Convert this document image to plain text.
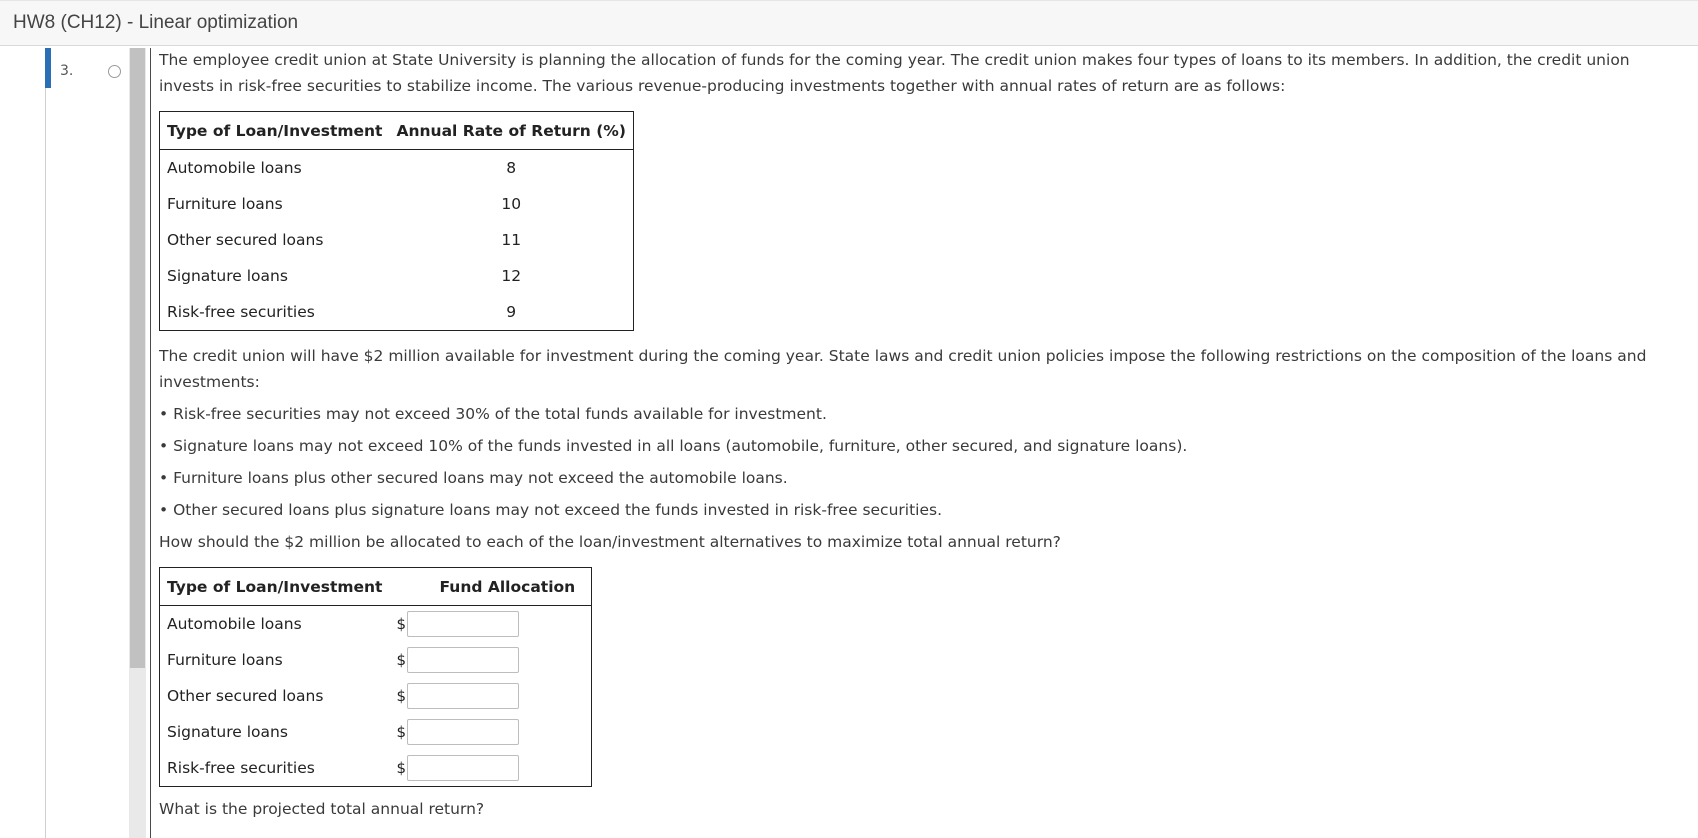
HW8 (CH12) - Linear optimization
3.

The employee credit union at State University is planning the allocation of funds for the coming year. The credit union makes four types of loans to its members. In addition, the credit union invests in risk-free securities to stabilize income. The various revenue-producing investments together with annual rates of return are as follows:

Type of Loan/Investment	Annual Rate of Return (%)
Automobile loans	8
Furniture loans	10
Other secured loans	11
Signature loans	12
Risk-free securities	9

The credit union will have $2 million available for investment during the coming year. State laws and credit union policies impose the following restrictions on the composition of the loans and investments:

• Risk-free securities may not exceed 30% of the total funds available for investment.

• Signature loans may not exceed 10% of the funds invested in all loans (automobile, furniture, other secured, and signature loans).

• Furniture loans plus other secured loans may not exceed the automobile loans.

• Other secured loans plus signature loans may not exceed the funds invested in risk-free securities.

How should the $2 million be allocated to each of the loan/investment alternatives to maximize total annual return?

Type of Loan/Investment	Fund Allocation
Automobile loans	$
Furniture loans	$
Other secured loans	$
Signature loans	$
Risk-free securities	$

What is the projected total annual return?
